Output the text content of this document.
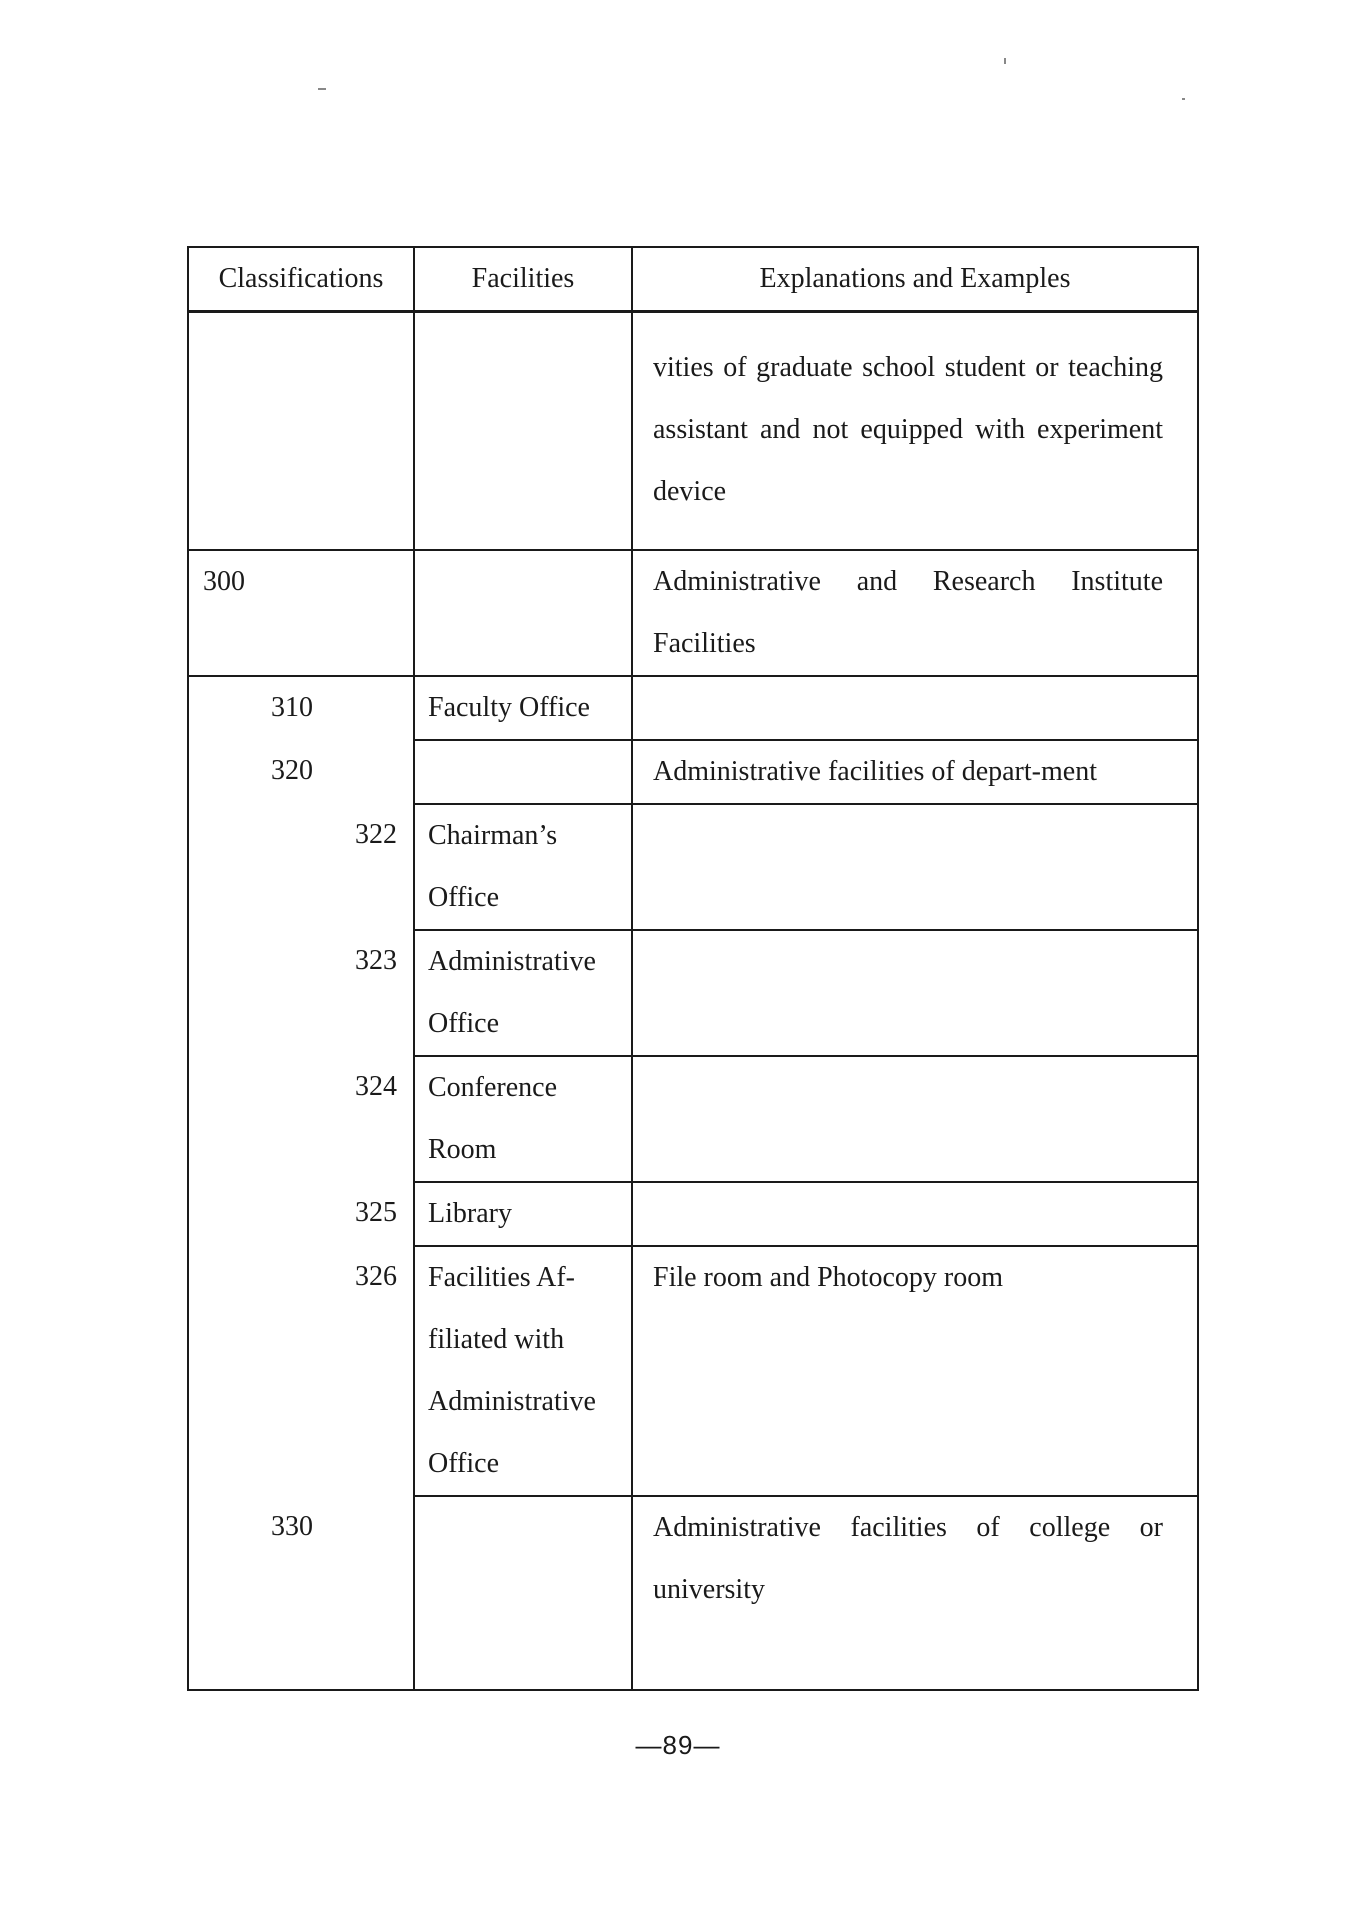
Classifications	Facilities	Explanations and Examples

		vities of graduate school student or teaching assistant and not equipped with experiment device

300		Administrative and Research Institute Facilities

310	Faculty Office	

320		Administrative facilities of depart-ment

322	Chairman’s Office	

323	Administrative Office	

324	Conference Room	

325	Library	

326	Facilities Af-filiated with Administrative Office	File room and Photocopy room

330		Administrative facilities of college or university
—89—
